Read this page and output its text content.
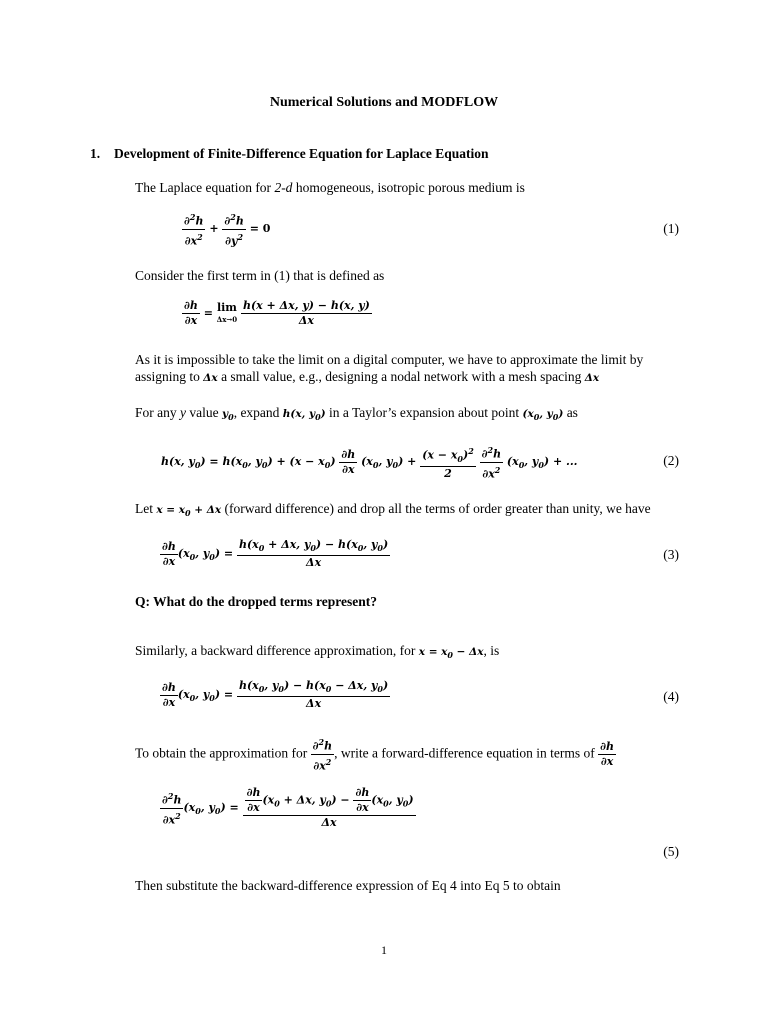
Numerical Solutions and MODFLOW
1. Development of Finite-Difference Equation for Laplace Equation
The Laplace equation for 2-d homogeneous, isotropic porous medium is
$\frac{\partial^2h}{\partial x^2} + \frac{\partial^2h}{\partial y^2} = 0$	(1)
Consider the first term in (1) that is defined as
$\frac{\partial h}{\partial x} = \lim$
$\Delta x\to 0 \frac{h(x + \Delta x, y) - h(x, y)}{\Delta x}$
As it is impossible to take the limit on a digital computer, we have to approximate the limit by
assigning to Δx a small value, e.g., designing a nodal network with a mesh spacing Δx
For any y value $y_0$, expand h(x, $y_0$) in a Taylor’s expansion about point ($x_0$, $y_0$) as
h(x, $y_0) = h(x_0$, $y_0) + (x - x_0) \frac{\partial h}{\partial x} (x_0$, $y_0) + \frac{(x - x_0)^2}{2}$
$\frac{\partial^2h}{\partial x^2} (x_0$, $y_0$) + ...	(2)
Let $x = x_0 + \Delta x$ (forward difference) and drop all the terms of order greater than unity, we have
$\frac{\partial h}{\partial x} (x_0$, $y_0) = \frac{h(x_0 + \Delta x, y_0) - h(x_0, y_0)}{\Delta x}$	(3)
Q: What do the dropped terms represent?
Similarly, a backward difference approximation, for $x = x_0 - \Delta x$, is
$\frac{\partial h}{\partial x} (x_0$, $y_0) = \frac{h(x_0, y_0) - h(x_0 - \Delta x, y_0)}{\Delta x}$	(4)
To obtain the approximation for $\frac{\partial^2h}{\partial x^2}$ , write a forward-difference equation in terms of $\frac{\partial h}{\partial x}$
$\frac{\partial^2h}{\partial x^2} (x_0$, $y_0) = \frac{\frac{\partial h}{\partial x} (x_0 + \Delta x, y_0) - \frac{\partial h}{\partial x} (x_0, y_0)}{\Delta x}$
(5)
Then substitute the backward-difference expression of Eq 4 into Eq 5 to obtain
1
